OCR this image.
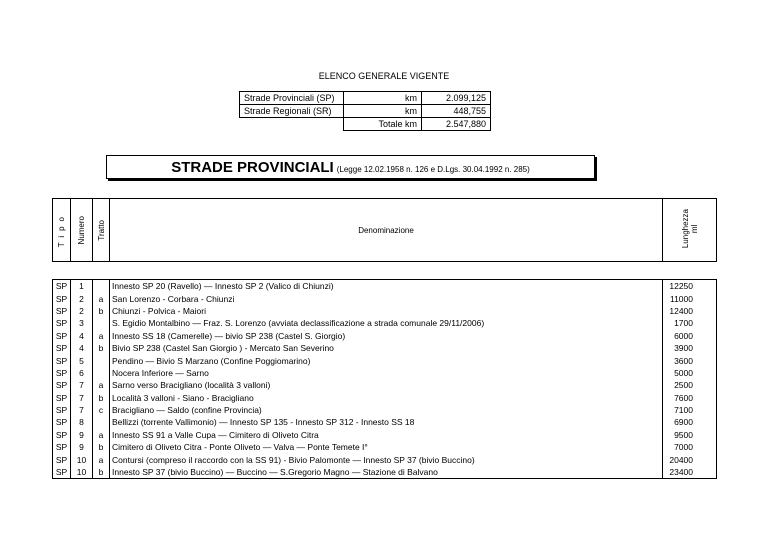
ELENCO GENERALE VIGENTE
Strade Provinciali (SP)	km	2.099,125
Strade Regionali (SR)	km	448,755
	Totale km	2.547,880
STRADE PROVINCIALI (Legge 12.02.1958 n. 126 e D.Lgs. 30.04.1992 n. 285)
Tipo	Numero	Tratto	Denominazione	Lunghezza ml
SP	1		Innesto SP 20 (Ravello) — Innesto SP 2 (Valico di Chiunzi)	12250
SP	2	a	San Lorenzo - Corbara - Chiunzi	11000
SP	2	b	Chiunzi - Polvica - Maiori	12400
SP	3		S. Egidio Montalbino — Fraz. S. Lorenzo (avviata declassificazione a strada comunale 29/11/2006)	1700
SP	4	a	Innesto SS 18 (Camerelle) — bivio SP 238 (Castel S. Giorgio)	6000
SP	4	b	Bivio SP 238 (Castel San Giorgio ) - Mercato San Severino	3900
SP	5		Pendino — Bivio S Marzano (Confine Poggiomarino)	3600
SP	6		Nocera Inferiore — Sarno	5000
SP	7	a	Sarno verso Bracigliano (località 3 valloni)	2500
SP	7	b	Località 3 valloni - Siano - Bracigliano	7600
SP	7	c	Bracigliano — Saldo (confine Provincia)	7100
SP	8		Bellizzi (torrente Vallimonio) — Innesto SP 135 - Innesto SP 312 - Innesto SS 18	6900
SP	9	a	Innesto SS 91 a Valle Cupa — Cimitero di Oliveto Citra	9500
SP	9	b	Cimitero di Oliveto Citra - Ponte Oliveto — Valva — Ponte Temete I°	7000
SP	10	a	Contursi (compreso il raccordo con la SS 91) - Bivio Palomonte — Innesto SP 37 (bivio Buccino)	20400
SP	10	b	Innesto SP 37 (bivio Buccino) — Buccino — S.Gregorio Magno — Stazione di Balvano	23400
